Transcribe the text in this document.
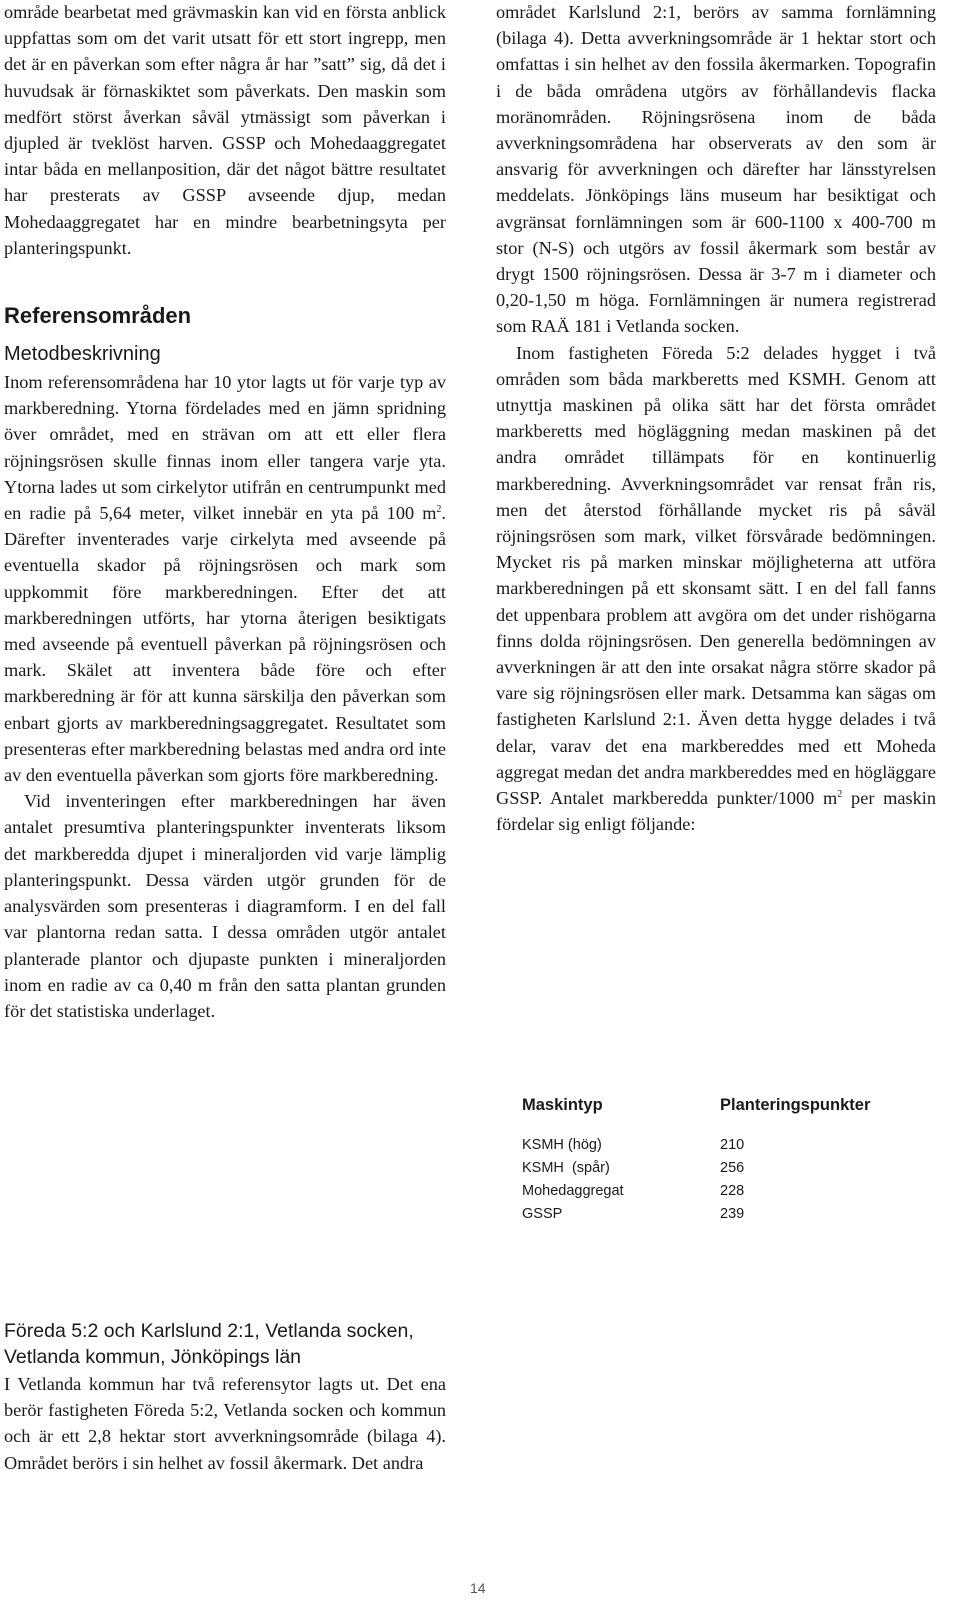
område bearbetat med grävmaskin kan vid en första anblick uppfattas som om det varit utsatt för ett stort ingrepp, men det är en påverkan som efter några år har ”satt” sig, då det i huvudsak är förnaskiktet som påverkats. Den maskin som medfört störst åverkan såväl ytmässigt som påverkan i djupled är tveklöst harven. GSSP och Mohedaaggregatet intar båda en mellanposition, där det något bättre resultatet har presterats av GSSP avseende djup, medan Mohedaaggregatet har en mindre bearbetningsyta per planteringspunkt.

Referensområden
Metodbeskrivning

Inom referensområdena har 10 ytor lagts ut för varje typ av markberedning. Ytorna fördelades med en jämn spridning över området, med en strävan om att ett eller flera röjningsrösen skulle finnas inom eller tangera varje yta. Ytorna lades ut som cirkelytor utifrån en centrumpunkt med en radie på 5,64 meter, vilket innebär en yta på 100 $m^2$. Därefter inventerades varje cirkelyta med avseende på eventuella skador på röjningsrösen och mark som uppkommit före markberedningen. Efter det att markberedningen utförts, har ytorna återigen besiktigats med avseende på eventuell påverkan på röjningsrösen och mark. Skälet att inventera både före och efter markberedning är för att kunna särskilja den påverkan som enbart gjorts av markberedningsaggregatet. Resultatet som presenteras efter markberedning belastas med andra ord inte av den eventuella påverkan som gjorts före markberedning.

Vid inventeringen efter markberedningen har även antalet presumtiva planteringspunkter inventerats liksom det markberedda djupet i mineraljorden vid varje lämplig planteringspunkt. Dessa värden utgör grunden för de analysvärden som presenteras i diagramform. I en del fall var plantorna redan satta. I dessa områden utgör antalet planterade plantor och djupaste punkten i mineraljorden inom en radie av ca 0,40 m från den satta plantan grunden för det statistiska underlaget.

området Karlslund 2:1, berörs av samma fornlämning (bilaga 4). Detta avverkningsområde är 1 hektar stort och omfattas i sin helhet av den fossila åkermarken. Topografin i de båda områdena utgörs av förhållandevis flacka moränområden. Röjningsrösena inom de båda avverkningsområdena har observerats av den som är ansvarig för avverkningen och därefter har länsstyrelsen meddelats. Jönköpings läns museum har besiktigat och avgränsat fornlämningen som är 600-1100 x 400-700 m stor (N-S) och utgörs av fossil åkermark som består av drygt 1500 röjningsrösen. Dessa är 3-7 m i diameter och 0,20-1,50 m höga. Fornlämningen är numera registrerad som RAÄ 181 i Vetlanda socken.

Inom fastigheten Föreda 5:2 delades hygget i två områden som båda markberetts med KSMH. Genom att utnyttja maskinen på olika sätt har det första området markberetts med högläggning medan maskinen på det andra området tillämpats för en kontinuerlig markberedning. Avverkningsområdet var rensat från ris, men det återstod förhållande mycket ris på såväl röjningsrösen som mark, vilket försvårade bedömningen. Mycket ris på marken minskar möjligheterna att utföra markberedningen på ett skonsamt sätt. I en del fall fanns det uppenbara problem att avgöra om det under rishögarna finns dolda röjningsrösen. Den generella bedömningen av avverkningen är att den inte orsakat några större skador på vare sig röjningsrösen eller mark. Detsamma kan sägas om fastigheten Karlslund 2:1. Även detta hygge delades i två delar, varav det ena markbereddes med ett Moheda aggregat medan det andra markbereddes med en högläggare GSSP. Antalet markberedda punkter/1000 $m^2$ per maskin fördelar sig enligt följande:

Maskintyp	Planteringspunkter
KSMH (hög)	210
KSMH  (spår)	256
Mohedaggregat	228
GSSP	239
Föreda 5:2 och Karlslund 2:1, Vetlanda socken, Vetlanda kommun, Jönköpings län

I Vetlanda kommun har två referensytor lagts ut. Det ena berör fastigheten Föreda 5:2, Vetlanda socken och kommun och är ett 2,8 hektar stort avverkningsområde (bilaga 4). Området berörs i sin helhet av fossil åkermark. Det andra

14
